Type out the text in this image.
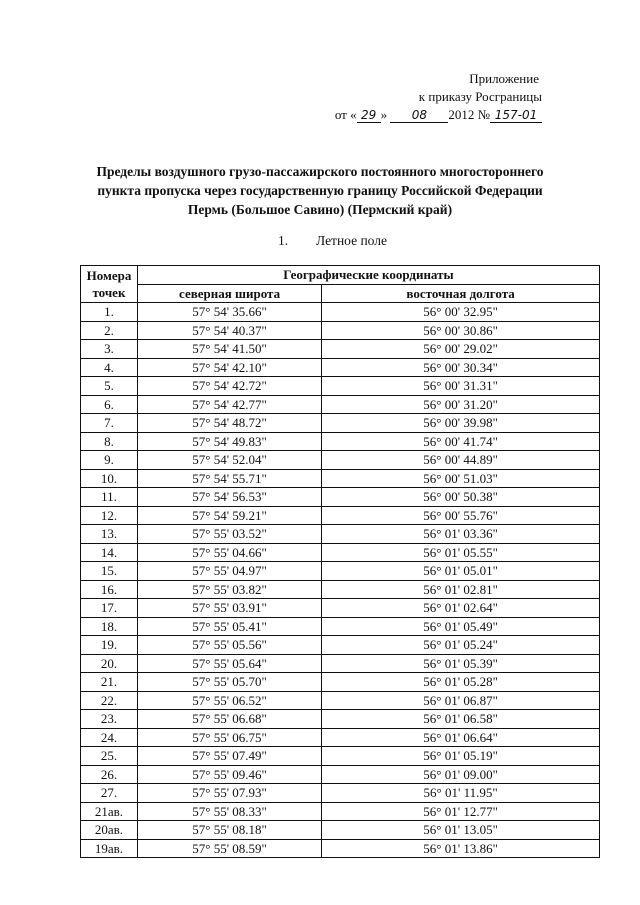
Приложение
к приказу Росграницы
от « 29 » 08 2012 № 157-01
Пределы воздушного грузо-пассажирского постоянного многостороннего
пункта пропуска через государственную границу Российской Федерации
Пермь (Большое Савино) (Пермский край)
1. Летное поле
Номера
точек	Географические координаты	
	северная широта	восточная долгота
1.	57° 54' 35.66"	56° 00' 32.95"
2.	57° 54' 40.37"	56° 00' 30.86"
3.	57° 54' 41.50"	56° 00' 29.02"
4.	57° 54' 42.10"	56° 00' 30.34"
5.	57° 54' 42.72"	56° 00' 31.31"
6.	57° 54' 42.77"	56° 00' 31.20"
7.	57° 54' 48.72"	56° 00' 39.98"
8.	57° 54' 49.83"	56° 00' 41.74"
9.	57° 54' 52.04"	56° 00' 44.89"
10.	57° 54' 55.71"	56° 00' 51.03"
11.	57° 54' 56.53"	56° 00' 50.38"
12.	57° 54' 59.21"	56° 00' 55.76"
13.	57° 55' 03.52"	56° 01' 03.36"
14.	57° 55' 04.66"	56° 01' 05.55"
15.	57° 55' 04.97"	56° 01' 05.01"
16.	57° 55' 03.82"	56° 01' 02.81"
17.	57° 55' 03.91"	56° 01' 02.64"
18.	57° 55' 05.41"	56° 01' 05.49"
19.	57° 55' 05.56"	56° 01' 05.24"
20.	57° 55' 05.64"	56° 01' 05.39"
21.	57° 55' 05.70"	56° 01' 05.28"
22.	57° 55' 06.52"	56° 01' 06.87"
23.	57° 55' 06.68"	56° 01' 06.58"
24.	57° 55' 06.75"	56° 01' 06.64"
25.	57° 55' 07.49"	56° 01' 05.19"
26.	57° 55' 09.46"	56° 01' 09.00"
27.	57° 55' 07.93"	56° 01' 11.95"
21ав.	57° 55' 08.33"	56° 01' 12.77"
20ав.	57° 55' 08.18"	56° 01' 13.05"
19ав.	57° 55' 08.59"	56° 01' 13.86"
